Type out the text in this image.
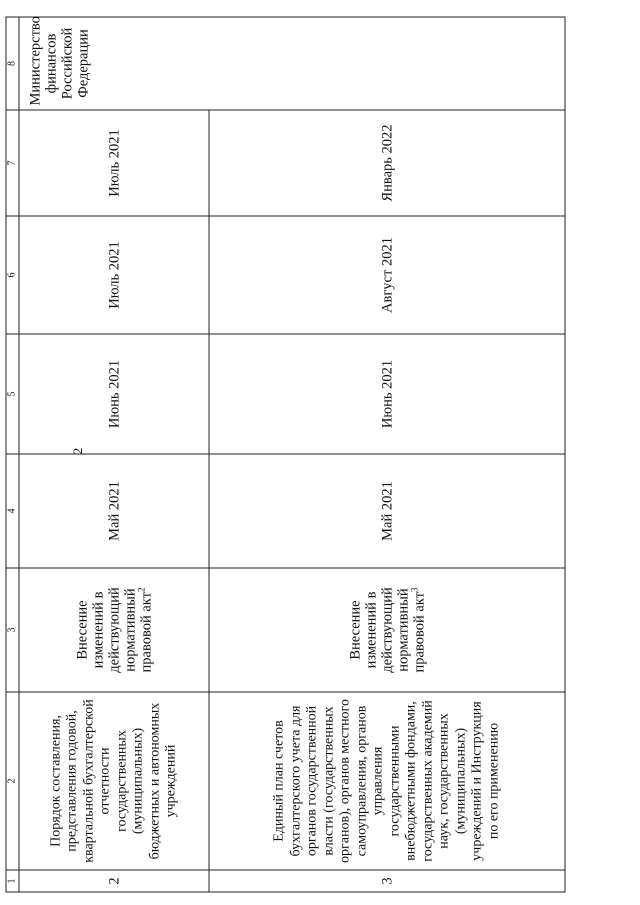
2
1	2	3	4	5	6	7	8
2	Порядок составления, представления годовой, квартальной бухгалтерской отчетности государственных (муниципальных) бюджетных и автономных учреждений	Внесение изменений в действующий нормативный правовой акт$^2$	Май 2021	Июнь 2021	Июль 2021	Июль 2021	Министерство финансов Российской Федерации
3	Единый план счетов бухгалтерского учета для органов государственной власти (государственных органов), органов местного самоуправления, органов управления государственными внебюджетными фондами, государственных академий наук, государственных (муниципальных) учреждений и Инструкция по его применению	Внесение изменений в действующий нормативный правовой акт$^3$	Май 2021	Июнь 2021	Август 2021	Январь 2022	
